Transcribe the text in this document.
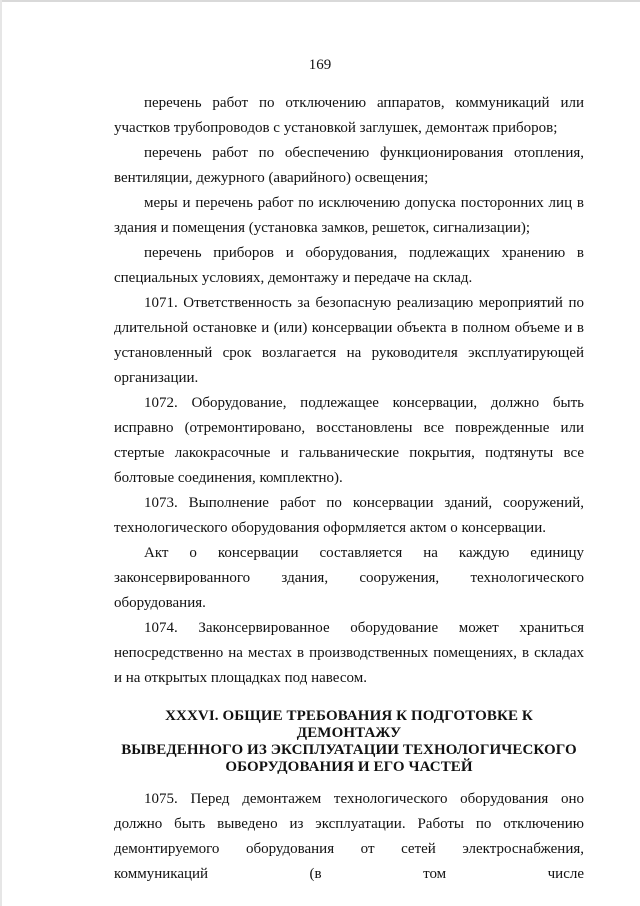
169

перечень работ по отключению аппаратов, коммуникаций или участков трубопроводов с установкой заглушек, демонтаж приборов;

перечень работ по обеспечению функционирования отопления, вентиляции, дежурного (аварийного) освещения;

меры и перечень работ по исключению допуска посторонних лиц в здания и помещения (установка замков, решеток, сигнализации);

перечень приборов и оборудования, подлежащих хранению в специальных условиях, демонтажу и передаче на склад.

1071. Ответственность за безопасную реализацию мероприятий по длительной остановке и (или) консервации объекта в полном объеме и в установленный срок возлагается на руководителя эксплуатирующей организации.

1072. Оборудование, подлежащее консервации, должно быть исправно (отремонтировано, восстановлены все поврежденные или стертые лакокрасочные и гальванические покрытия, подтянуты все болтовые соединения, комплектно).

1073. Выполнение работ по консервации зданий, сооружений, технологического оборудования оформляется актом о консервации.

Акт о консервации составляется на каждую единицу законсервированного здания, сооружения, технологического оборудования.

1074. Законсервированное оборудование может храниться непосредственно на местах в производственных помещениях, в складах и на открытых площадках под навесом.

XXXVI. ОБЩИЕ ТРЕБОВАНИЯ К ПОДГОТОВКЕ К ДЕМОНТАЖУ
ВЫВЕДЕННОГО ИЗ ЭКСПЛУАТАЦИИ ТЕХНОЛОГИЧЕСКОГО
ОБОРУДОВАНИЯ И ЕГО ЧАСТЕЙ

1075. Перед демонтажем технологического оборудования оно должно быть выведено из эксплуатации. Работы по отключению демонтируемого оборудования от сетей электроснабжения, коммуникаций (в том числе
